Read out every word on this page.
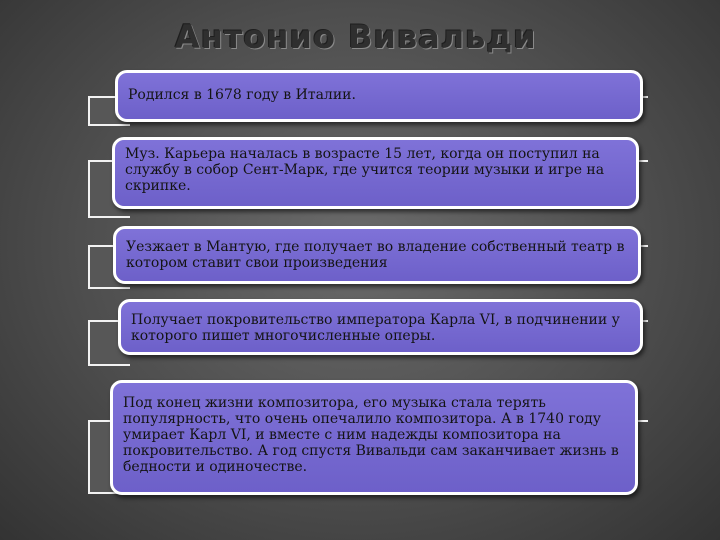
Антонио Вивальди
Родился в 1678 году в Италии.
Муз. Карьера началась в возрасте 15 лет, когда он поступил на службу в собор Сент-Марк, где учится теории музыки и игре на скрипке.
Уезжает в Мантую, где получает во владение собственный театр в котором ставит свои произведения
Получает покровительство императора Карла VI, в подчинении у которого пишет многочисленные оперы.
Под конец жизни композитора, его музыка стала терять популярность, что очень опечалило композитора. А в 1740 году умирает Карл VI, и вместе с ним надежды композитора на покровительство. А год спустя Вивальди сам заканчивает жизнь в бедности и одиночестве.
